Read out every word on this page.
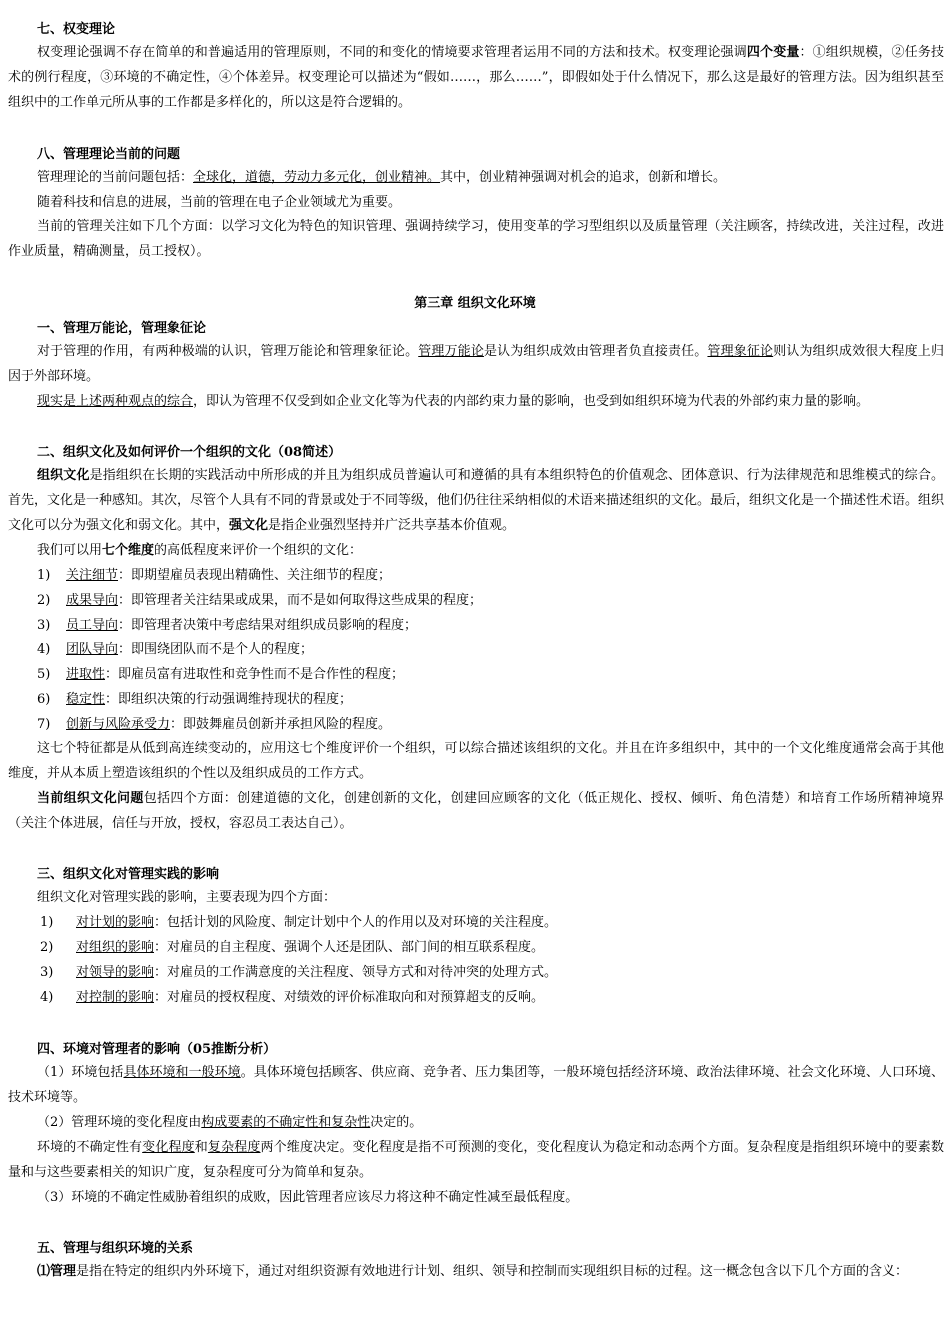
七、权变理论
权变理论强调不存在简单的和普遍适用的管理原则，不同的和变化的情境要求管理者运用不同的方法和技术。权变理论强调四个变量：①组织规模，②任务技术的例行程度，③环境的不确定性，④个体差异。权变理论可以描述为“假如……，那么……”，即假如处于什么情况下，那么这是最好的管理方法。因为组织甚至组织中的工作单元所从事的工作都是多样化的，所以这是符合逻辑的。
八、管理理论当前的问题
管理理论的当前问题包括：全球化，道德，劳动力多元化，创业精神。其中，创业精神强调对机会的追求，创新和增长。
随着科技和信息的进展，当前的管理在电子企业领域尤为重要。
当前的管理关注如下几个方面：以学习文化为特色的知识管理、强调持续学习，使用变革的学习型组织以及质量管理（关注顾客，持续改进，关注过程，改进作业质量，精确测量，员工授权）。
第三章 组织文化环境
一、管理万能论，管理象征论
对于管理的作用，有两种极端的认识，管理万能论和管理象征论。管理万能论是认为组织成效由管理者负直接责任。管理象征论则认为组织成效很大程度上归因于外部环境。
现实是上述两种观点的综合，即认为管理不仅受到如企业文化等为代表的内部约束力量的影响，也受到如组织环境为代表的外部约束力量的影响。
二、组织文化及如何评价一个组织的文化（08简述）
组织文化是指组织在长期的实践活动中所形成的并且为组织成员普遍认可和遵循的具有本组织特色的价值观念、团体意识、行为法律规范和思维模式的综合。首先，文化是一种感知。其次，尽管个人具有不同的背景或处于不同等级，他们仍往往采纳相似的术语来描述组织的文化。最后，组织文化是一个描述性术语。组织文化可以分为强文化和弱文化。其中，强文化是指企业强烈坚持并广泛共享基本价值观。
我们可以用七个维度的高低程度来评价一个组织的文化：
1) 关注细节：即期望雇员表现出精确性、关注细节的程度；
2) 成果导向：即管理者关注结果或成果，而不是如何取得这些成果的程度；
3) 员工导向：即管理者决策中考虑结果对组织成员影响的程度；
4) 团队导向：即围绕团队而不是个人的程度；
5) 进取性：即雇员富有进取性和竞争性而不是合作性的程度；
6) 稳定性：即组织决策的行动强调维持现状的程度；
7) 创新与风险承受力：即鼓舞雇员创新并承担风险的程度。
这七个特征都是从低到高连续变动的，应用这七个维度评价一个组织，可以综合描述该组织的文化。并且在许多组织中，其中的一个文化维度通常会高于其他维度，并从本质上塑造该组织的个性以及组织成员的工作方式。
当前组织文化问题包括四个方面：创建道德的文化，创建创新的文化，创建回应顾客的文化（低正规化、授权、倾听、角色清楚）和培育工作场所精神境界（关注个体进展，信任与开放，授权，容忍员工表达自己）。
三、组织文化对管理实践的影响
组织文化对管理实践的影响，主要表现为四个方面：
1) 对计划的影响：包括计划的风险度、制定计划中个人的作用以及对环境的关注程度。
2) 对组织的影响：对雇员的自主程度、强调个人还是团队、部门间的相互联系程度。
3) 对领导的影响：对雇员的工作满意度的关注程度、领导方式和对待冲突的处理方式。
4) 对控制的影响：对雇员的授权程度、对绩效的评价标准取向和对预算超支的反响。
四、环境对管理者的影响（05推断分析）
（1）环境包括具体环境和一般环境。具体环境包括顾客、供应商、竞争者、压力集团等，一般环境包括经济环境、政治法律环境、社会文化环境、人口环境、技术环境等。
（2）管理环境的变化程度由构成要素的不确定性和复杂性决定的。
环境的不确定性有变化程度和复杂程度两个维度决定。变化程度是指不可预测的变化，变化程度认为稳定和动态两个方面。复杂程度是指组织环境中的要素数量和与这些要素相关的知识广度，复杂程度可分为简单和复杂。
（3）环境的不确定性威胁着组织的成败，因此管理者应该尽力将这种不确定性减至最低程度。
五、管理与组织环境的关系
⑴管理是指在特定的组织内外环境下，通过对组织资源有效地进行计划、组织、领导和控制而实现组织目标的过程。这一概念包含以下几个方面的含义：
